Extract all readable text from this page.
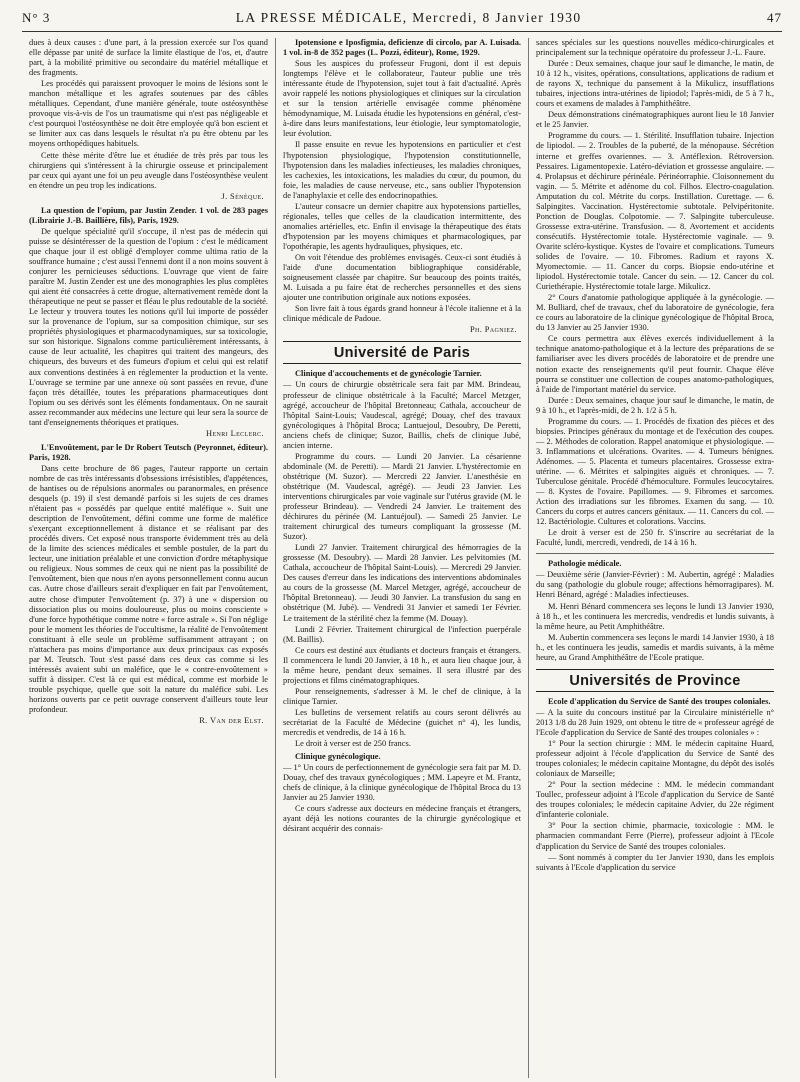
N° 3	LA PRESSE MÉDICALE, Mercredi, 8 Janvier 1930	47

dues à deux causes : d'une part, à la pression exercée sur l'os quand elle dépasse par unité de surface la limite élastique de l'os, et, d'autre part, à la mobilité primitive ou secondaire du matériel métallique et des fragments.

Les procédés qui paraissent provoquer le moins de lésions sont le manchon métallique et les agrafes soutenues par des câbles métalliques. Cependant, d'une manière générale, toute ostéosynthèse provoque vis-à-vis de l'os un traumatisme qui n'est pas négligeable et c'est pourquoi l'ostéosynthèse ne doit être employée qu'à bon escient et se limiter aux cas dans lesquels le résultat n'a pu être obtenu par les moyens orthopédiques habituels.

Cette thèse mérite d'être lue et étudiée de très près par tous les chirurgiens qui s'intéressent à la chirurgie osseuse et principalement par ceux qui ayant une foi un peu aveugle dans l'ostéosynthèse veulent en étendre un peu trop les indications.

J. Sénèque.

La question de l'opium, par Justin Zender. 1 vol. de 283 pages (Librairie J.-B. Baillière, fils), Paris, 1929.

De quelque spécialité qu'il s'occupe, il n'est pas de médecin qui puisse se désintéresser de la question de l'opium : c'est le médicament que chaque jour il est obligé d'employer comme ultima ratio de la souffrance humaine ; c'est aussi l'ennemi dont il a non moins souvent à conjurer les pernicieuses séductions. L'ouvrage que vient de faire paraître M. Justin Zender est une des monographies les plus complètes qui aient été consacrées à cette drogue, alternativement remède dont la thérapeutique ne peut se passer et fléau le plus redoutable de la société. Le lecteur y trouvera toutes les notions qu'il lui importe de posséder sur la provenance de l'opium, sur sa composition chimique, sur ses propriétés physiologiques et pharmacodynamiques, sur sa toxicologie, sur son historique. Signalons comme particulièrement intéressants, à cause de leur actualité, les chapitres qui traitent des mangeurs, des chiqueurs, des buveurs et des fumeurs d'opium et celui qui est relatif aux conventions destinées à en réglementer la production et la vente. L'ouvrage se termine par une annexe où sont passées en revue, d'une façon très détaillée, toutes les préparations pharmaceutiques dont l'opium ou ses dérivés sont les éléments fondamentaux. On ne saurait assez recommander aux médecins une lecture qui leur sera la source de tant d'enseignements théoriques et pratiques.

Henri Leclerc.

L'Envoûtement, par le Dr Robert Teutsch (Peyronnet, éditeur). Paris, 1928.

Dans cette brochure de 86 pages, l'auteur rapporte un certain nombre de cas très intéressants d'obsessions irrésistibles, d'appétences, de hantises ou de répulsions anormales ou paranormales, en présence desquels (p. 19) il s'est demandé parfois si les sujets de ces drames n'étaient pas « possédés par quelque entité maléfique ». Suit une description de l'envoûtement, défini comme une forme de maléfice s'exerçant exceptionnellement à distance et se réalisant par des procédés divers. Cet exposé nous transporte évidemment très au delà de la limite des sciences médicales et semble postuler, de la part du lecteur, une initiation préalable et une conviction d'ordre métaphysique ou religieux. Nous sommes de ceux qui ne nient pas la possibilité de l'envoûtement, bien que nous n'en ayons personnellement connu aucun cas. Autre chose d'ailleurs serait d'expliquer en fait par l'envoûtement, autre chose d'imputer l'envoûtement (p. 37) à une « dispersion ou dissociation plus ou moins douloureuse, plus ou moins consciente » d'une force hypothétique comme notre « force astrale ». Si l'on néglige pour le moment les théories de l'occultisme, la réalité de l'envoûtement constituant à elle seule un problème suffisamment attrayant ; on n'attachera pas moins d'importance aux deux principaux cas exposés par M. Teutsch. Tout s'est passé dans ces deux cas comme si les intéressés avaient subi un maléfice, que le « contre-envoûtement » suffit à dissiper. C'est là ce qui est médical, comme est morbide le trouble psychique, quelle que soit la nature du maléfice subi. Les horizons ouverts par ce petit ouvrage conservent d'ailleurs toute leur profondeur.

R. Van der Elst.

Ipotensione e Iposfigmia, deficienze di circolo, par A. Luisada. 1 vol. in-8 de 352 pages (L. Pozzi, éditeur), Rome, 1929.

Sous les auspices du professeur Frugoni, dont il est depuis longtemps l'élève et le collaborateur, l'auteur publie une très intéressante étude de l'hypotension, sujet tout à fait d'actualité. Après avoir rappelé les notions physiologiques et cliniques sur la circulation et sur la tension artérielle envisagée comme phénomène hémodynamique, M. Luisada étudie les hypotensions en général, c'est-à-dire dans leurs manifestations, leur étiologie, leur symptomatologie, leur évolution.

Il passe ensuite en revue les hypotensions en particulier et c'est l'hypotension physiologique, l'hypotension constitutionnelle, l'hypotension dans les maladies infectieuses, les maladies chroniques, les cachexies, les intoxications, les maladies du cœur, du poumon, du foie, les maladies de cause nerveuse, etc., sans oublier l'hypotension de l'anaphylaxie et celle des endocrinopathies.

L'auteur consacre un dernier chapitre aux hypotensions partielles, régionales, telles que celles de la claudication intermittente, des anomalies artérielles, etc. Enfin il envisage la thérapeutique des états d'hypotension par les moyens chimiques et pharmacologiques, par l'opothérapie, les agents hydrauliques, physiques, etc.

On voit l'étendue des problèmes envisagés. Ceux-ci sont étudiés à l'aide d'une documentation bibliographique considérable, soigneusement classée par chapitre. Sur beaucoup des points traités, M. Luisada a pu faire état de recherches personnelles et des siens ajouter une contribution originale aux notions exposées.

Son livre fait à tous égards grand honneur à l'école italienne et à la clinique médicale de Padoue.

Ph. Pagniez.
Université de Paris

Clinique d'accouchements et de gynécologie Tarnier.

— Un cours de chirurgie obstétricale sera fait par MM. Brindeau, professeur de clinique obstétricale à la Faculté; Marcel Metzger, agrégé, accoucheur de l'hôpital Bretonneau; Cathala, accoucheur de l'hôpital Saint-Louis; Vaudescal, agrégé; Douay, chef des travaux gynécologiques à l'hôpital Broca; Lantuejoul, Desoubry, De Peretti, anciens chefs de clinique; Suzor, Baillis, chefs de clinique Jubé, ancien interne.

Programme du cours. — Lundi 20 Janvier. La césarienne abdominale (M. de Peretti). — Mardi 21 Janvier. L'hystérectomie en obstétrique (M. Suzor). — Mercredi 22 Janvier. L'anesthésie en obstétrique (M. Vaudescal, agrégé). — Jeudi 23 Janvier. Les interventions chirurgicales par voie vaginale sur l'utérus gravide (M. le professeur Brindeau). — Vendredi 24 Janvier. Le traitement des déchirures du périnée (M. Lantuéjoul). — Samedi 25 Janvier. Le traitement chirurgical des tumeurs compliquant la grossesse (M. Suzor).

Lundi 27 Janvier. Traitement chirurgical des hémorragies de la grossesse (M. Desoubry). — Mardi 28 Janvier. Les pelvitomies (M. Cathala, accoucheur de l'hôpital Saint-Louis). — Mercredi 29 Janvier. Des causes d'erreur dans les indications des interventions abdominales au cours de la grossesse (M. Marcel Metzger, agrégé, accoucheur de l'hôpital Bretonneau). — Jeudi 30 Janvier. La transfusion du sang en obstétrique (M. Jubé). — Vendredi 31 Janvier et samedi 1er Février. Le traitement de la stérilité chez la femme (M. Douay).

Lundi 2 Février. Traitement chirurgical de l'infection puerpérale (M. Baillis).

Ce cours est destiné aux étudiants et docteurs français et étrangers. Il commencera le lundi 20 Janvier, à 18 h., et aura lieu chaque jour, à la même heure, pendant deux semaines. Il sera illustré par des projections et films cinématographiques.

Pour renseignements, s'adresser à M. le chef de clinique, à la clinique Tarnier.

Les bulletins de versement relatifs au cours seront délivrés au secrétariat de la Faculté de Médecine (guichet n° 4), les lundis, mercredis et vendredis, de 14 à 16 h.

Le droit à verser est de 250 francs.

Clinique gynécologique.

— 1° Un cours de perfectionnement de gynécologie sera fait par M. D. Douay, chef des travaux gynécologiques ; MM. Lapeyre et M. Frantz, chefs de clinique, à la clinique gynécologique de l'hôpital Broca du 13 Janvier au 25 Janvier 1930.

Ce cours s'adresse aux docteurs en médecine français et étrangers, ayant déjà les notions courantes de la chirurgie gynécologique et désirant acquérir des connais-

sances spéciales sur les questions nouvelles médico-chirurgicales et principalement sur la technique opératoire du professeur J.-L. Faure.

Durée : Deux semaines, chaque jour sauf le dimanche, le matin, de 10 à 12 h., visites, opérations, consultations, applications de radium et de rayons X, technique du pansement à la Mikulicz, insufflations tubaires, injections intra-utérines de lipiodol; l'après-midi, de 5 à 7 h., cours et examens de malades à l'amphithéâtre.

Deux démonstrations cinématographiques auront lieu le 18 Janvier et le 25 Janvier.

Programme du cours. — 1. Stérilité. Insufflation tubaire. Injection de lipiodol. — 2. Troubles de la puberté, de la ménopause. Sécrétion interne et greffes ovariennes. — 3. Antéflexion. Rétroversion. Pessaires. Ligamentopexie. Latéro-déviation et grossesse angulaire. — 4. Prolapsus et déchirure périnéale. Périnéorraphie. Cloisonnement du vagin. — 5. Métrite et adénome du col. Filhos. Electro-coagulation. Amputation du col. Métrite du corps. Instillation. Curettage. — 6. Salpingites. Vaccination. Hystérectomie subtotale. Pelvipéritonite. Ponction de Douglas. Colpotomie. — 7. Salpingite tuberculeuse. Grossesse extra-utérine. Transfusion. — 8. Avortement et accidents consécutifs. Hystérectomie totale. Hystérectomie vaginale. — 9. Ovarite scléro-kystique. Kystes de l'ovaire et complications. Tumeurs solides de l'ovaire. — 10. Fibromes. Radium et rayons X. Myomectomie. — 11. Cancer du corps. Biopsie endo-utérine et lipiodol. Hystérectomie totale. Cancer du sein. — 12. Cancer du col. Curiethérapie. Hystérectomie totale large. Mikulicz.

2° Cours d'anatomie pathologique appliquée à la gynécologie. — M. Bulliard, chef de travaux, chef du laboratoire de gynécologie, fera ce cours au laboratoire de la clinique gynécologique de l'hôpital Broca, du 13 Janvier au 25 Janvier 1930.

Ce cours permettra aux élèves exercés individuellement à la technique anatomo-pathologique et à la lecture des préparations de se familiariser avec les divers procédés de laboratoire et de prendre une notion exacte des renseignements qu'il peut fournir. Chaque élève pourra se constituer une collection de coupes anatomo-pathologiques, à l'aide de l'important matériel du service.

Durée : Deux semaines, chaque jour sauf le dimanche, le matin, de 9 à 10 h., et l'après-midi, de 2 h. 1/2 à 5 h.

Programme du cours. — 1. Procédés de fixation des pièces et des biopsies. Principes généraux du montage et de l'exécution des coupes. — 2. Méthodes de coloration. Rappel anatomique et physiologique. — 3. Inflammations et ulcérations. Ovarites. — 4. Tumeurs bénignes. Adénomes. — 5. Placenta et tumeurs placentaires. Grossesse extra-utérine. — 6. Métrites et salpingites aiguës et chroniques. — 7. Tuberculose génitale. Procédé d'hémoculture. Formules leucocytaires. — 8. Kystes de l'ovaire. Papillomes. — 9. Fibromes et sarcomes. Action des irradiations sur les fibromes. Examen du sang. — 10. Cancers du corps et autres cancers génitaux. — 11. Cancers du col. — 12. Bactériologie. Cultures et colorations. Vaccins.

Le droit à verser est de 250 fr. S'inscrire au secrétariat de la Faculté, lundi, mercredi, vendredi, de 14 à 16 h.

Pathologie médicale.

— Deuxième série (Janvier-Février) : M. Aubertin, agrégé : Maladies du sang (pathologie du globule rouge; affections hémorragipares). M. Henri Bénard, agrégé : Maladies infectieuses.

M. Henri Bénard commencera ses leçons le lundi 13 Janvier 1930, à 18 h., et les continuera les mercredis, vendredis et lundis suivants, à la même heure, au Petit Amphithéâtre.

M. Aubertin commencera ses leçons le mardi 14 Janvier 1930, à 18 h., et les continuera les jeudis, samedis et mardis suivants, à la même heure, au Grand Amphithéâtre de l'Ecole pratique.

Universités de Province

Ecole d'application du Service de Santé des troupes coloniales.

— A la suite du concours institué par la Circulaire ministérielle n° 2013 1/8 du 28 Juin 1929, ont obtenu le titre de « professeur agrégé de l'Ecole d'application du Service de Santé des troupes coloniales » :

1° Pour la section chirurgie : MM. le médecin capitaine Huard, professeur adjoint à l'école d'application du Service de Santé des troupes coloniales; le médecin capitaine Montagne, du dépôt des isolés coloniaux de Marseille;

2° Pour la section médecine : MM. le médecin commandant Toullec, professeur adjoint à l'Ecole d'application du Service de Santé des troupes coloniales; le médecin capitaine Advier, du 22e régiment d'infanterie coloniale.

3° Pour la section chimie, pharmacie, toxicologie : MM. le pharmacien commandant Ferre (Pierre), professeur adjoint à l'Ecole d'application du Service de Santé des troupes coloniales.

— Sont nommés à compter du 1er Janvier 1930, dans les emplois suivants à l'Ecole d'application du service
